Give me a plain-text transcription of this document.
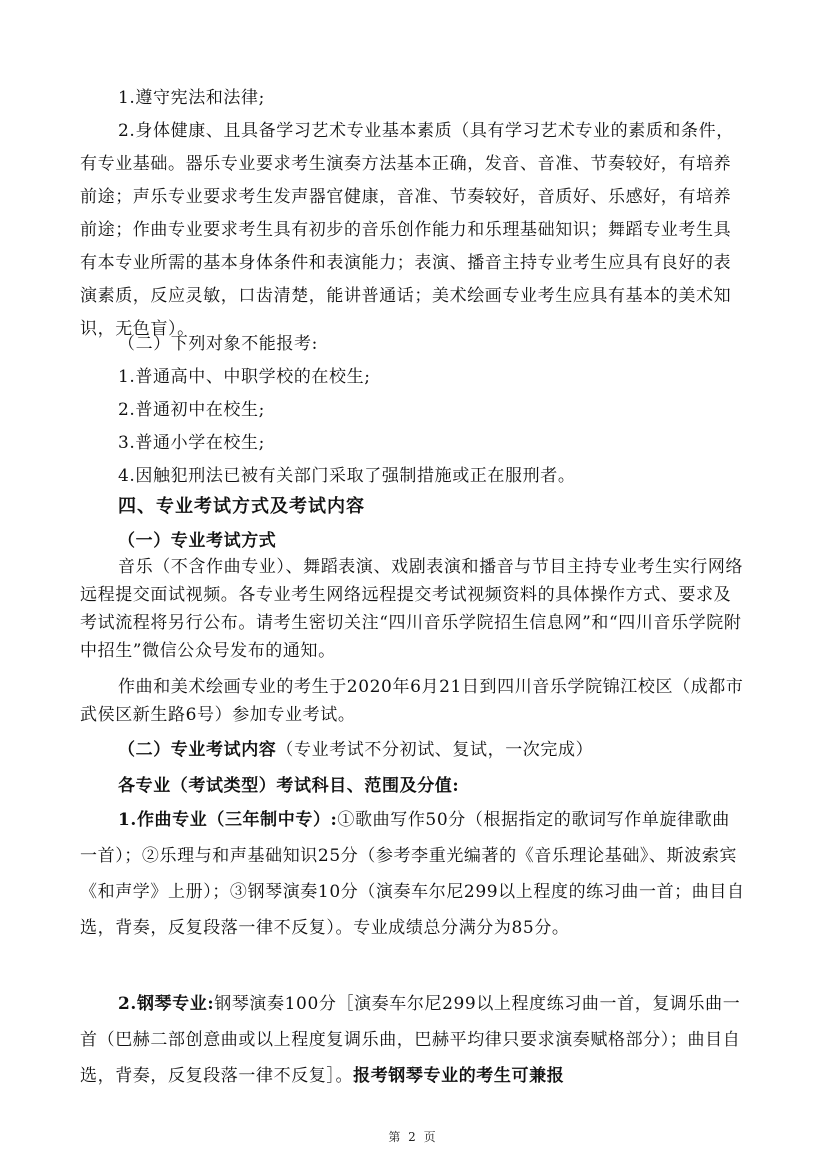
1.遵守宪法和法律;

2.身体健康、且具备学习艺术专业基本素质（具有学习艺术专业的素质和条件，有专业基础。器乐专业要求考生演奏方法基本正确，发音、音准、节奏较好，有培养前途；声乐专业要求考生发声器官健康，音准、节奏较好，音质好、乐感好，有培养前途；作曲专业要求考生具有初步的音乐创作能力和乐理基础知识；舞蹈专业考生具有本专业所需的基本身体条件和表演能力；表演、播音主持专业考生应具有良好的表演素质，反应灵敏，口齿清楚，能讲普通话；美术绘画专业考生应具有基本的美术知识，无色盲）。

（二）下列对象不能报考:

1.普通高中、中职学校的在校生;

2.普通初中在校生;

3.普通小学在校生;

4.因触犯刑法已被有关部门采取了强制措施或正在服刑者。

四、专业考试方式及考试内容

（一）专业考试方式

音乐（不含作曲专业）、舞蹈表演、戏剧表演和播音与节目主持专业考生实行网络远程提交面试视频。各专业考生网络远程提交考试视频资料的具体操作方式、要求及考试流程将另行公布。请考生密切关注“四川音乐学院招生信息网”和“四川音乐学院附中招生”微信公众号发布的通知。

作曲和美术绘画专业的考生于2020年6月21日到四川音乐学院锦江校区（成都市武侯区新生路6号）参加专业考试。

（二）专业考试内容（专业考试不分初试、复试，一次完成）

各专业（考试类型）考试科目、范围及分值:

1.作曲专业（三年制中专）:①歌曲写作50分（根据指定的歌词写作单旋律歌曲一首）；②乐理与和声基础知识25分（参考李重光编著的《音乐理论基础》、斯波索宾《和声学》上册）；③钢琴演奏10分（演奏车尔尼299以上程度的练习曲一首；曲目自选，背奏，反复段落一律不反复）。专业成绩总分满分为85分。

2.钢琴专业:钢琴演奏100分［演奏车尔尼299以上程度练习曲一首，复调乐曲一首（巴赫二部创意曲或以上程度复调乐曲，巴赫平均律只要求演奏赋格部分）；曲目自选，背奏，反复段落一律不反复］。报考钢琴专业的考生可兼报

第 2 页
